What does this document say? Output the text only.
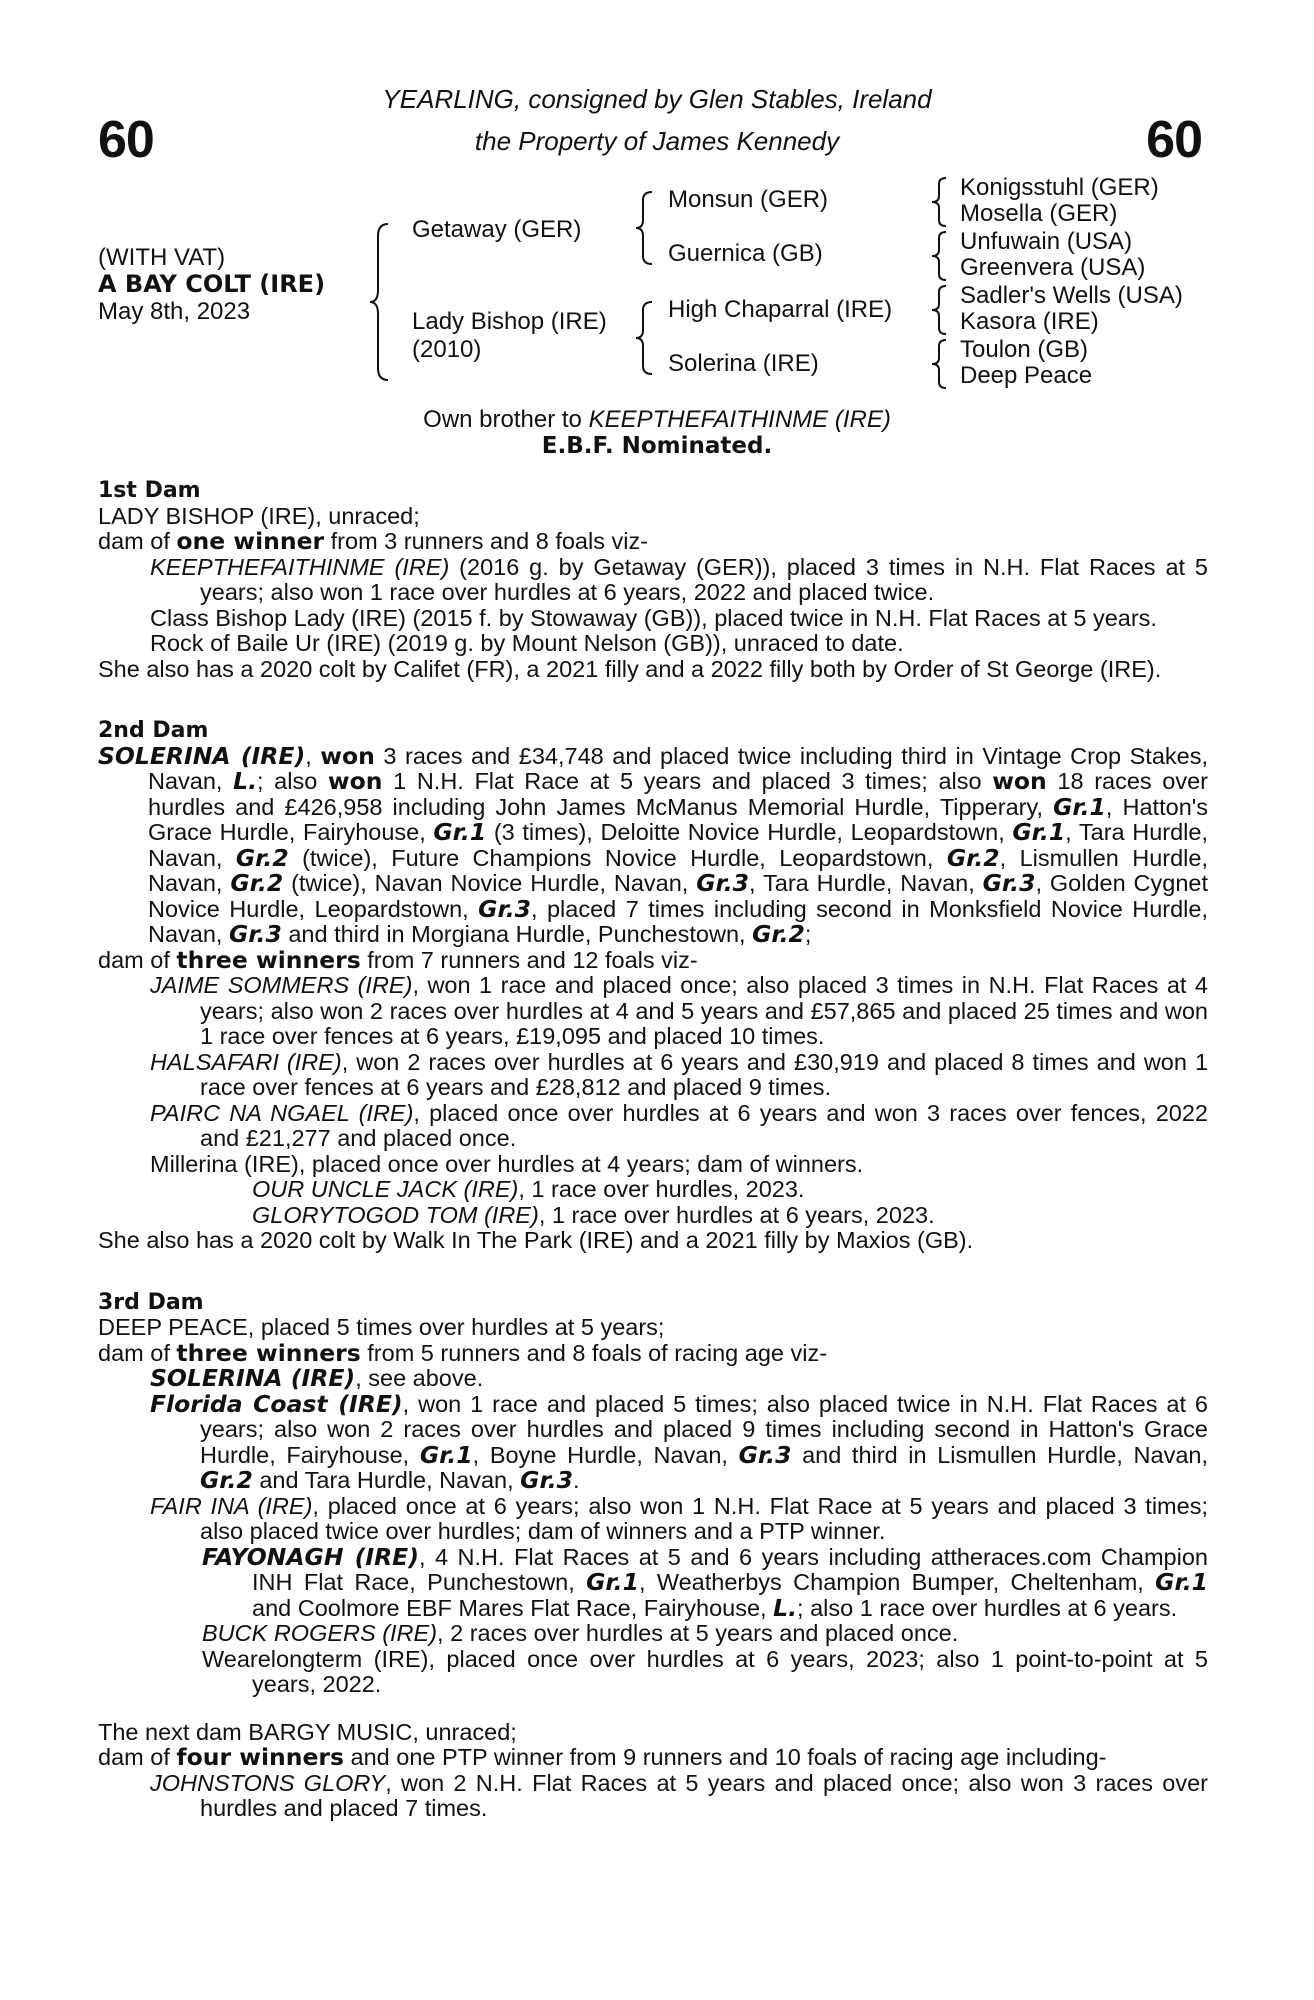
60	60
YEARLING, consigned by Glen Stables, Ireland
the Property of James Kennedy
(WITH VAT)
A BAY COLT (IRE)
May 8th, 2023
Getaway (GER)
Lady Bishop (IRE)
(2010)
Monsun (GER)
Guernica (GB)
High Chaparral (IRE)
Solerina (IRE)
Konigsstuhl (GER)
Mosella (GER)
Unfuwain (USA)
Greenvera (USA)
Sadler's Wells (USA)
Kasora (IRE)
Toulon (GB)
Deep Peace
Own brother to KEEPTHEFAITHINME (IRE)
E.B.F. Nominated.
1st Dam

LADY BISHOP (IRE), unraced;

dam of one winner from 3 runners and 8 foals viz-

KEEPTHEFAITHINME (IRE) (2016 g. by Getaway (GER)), placed 3 times in N.H. Flat Races at 5 years; also won 1 race over hurdles at 6 years, 2022 and placed twice.

Class Bishop Lady (IRE) (2015 f. by Stowaway (GB)), placed twice in N.H. Flat Races at 5 years.

Rock of Baile Ur (IRE) (2019 g. by Mount Nelson (GB)), unraced to date.

She also has a 2020 colt by Califet (FR), a 2021 filly and a 2022 filly both by Order of St George (IRE).

2nd Dam

SOLERINA (IRE), won 3 races and £34,748 and placed twice including third in Vintage Crop Stakes, Navan, L.; also won 1 N.H. Flat Race at 5 years and placed 3 times; also won 18 races over hurdles and £426,958 including John James McManus Memorial Hurdle, Tipperary, Gr.1, Hatton's Grace Hurdle, Fairyhouse, Gr.1 (3 times), Deloitte Novice Hurdle, Leopardstown, Gr.1, Tara Hurdle, Navan, Gr.2 (twice), Future Champions Novice Hurdle, Leopardstown, Gr.2, Lismullen Hurdle, Navan, Gr.2 (twice), Navan Novice Hurdle, Navan, Gr.3, Tara Hurdle, Navan, Gr.3, Golden Cygnet Novice Hurdle, Leopardstown, Gr.3, placed 7 times including second in Monksfield Novice Hurdle, Navan, Gr.3 and third in Morgiana Hurdle, Punchestown, Gr.2;

dam of three winners from 7 runners and 12 foals viz-

JAIME SOMMERS (IRE), won 1 race and placed once; also placed 3 times in N.H. Flat Races at 4 years; also won 2 races over hurdles at 4 and 5 years and £57,865 and placed 25 times and won 1 race over fences at 6 years, £19,095 and placed 10 times.

HALSAFARI (IRE), won 2 races over hurdles at 6 years and £30,919 and placed 8 times and won 1 race over fences at 6 years and £28,812 and placed 9 times.

PAIRC NA NGAEL (IRE), placed once over hurdles at 6 years and won 3 races over fences, 2022 and £21,277 and placed once.

Millerina (IRE), placed once over hurdles at 4 years; dam of winners.

OUR UNCLE JACK (IRE), 1 race over hurdles, 2023.

GLORYTOGOD TOM (IRE), 1 race over hurdles at 6 years, 2023.

She also has a 2020 colt by Walk In The Park (IRE) and a 2021 filly by Maxios (GB).

3rd Dam

DEEP PEACE, placed 5 times over hurdles at 5 years;

dam of three winners from 5 runners and 8 foals of racing age viz-

SOLERINA (IRE), see above.

Florida Coast (IRE), won 1 race and placed 5 times; also placed twice in N.H. Flat Races at 6 years; also won 2 races over hurdles and placed 9 times including second in Hatton's Grace Hurdle, Fairyhouse, Gr.1, Boyne Hurdle, Navan, Gr.3 and third in Lismullen Hurdle, Navan, Gr.2 and Tara Hurdle, Navan, Gr.3.

FAIR INA (IRE), placed once at 6 years; also won 1 N.H. Flat Race at 5 years and placed 3 times; also placed twice over hurdles; dam of winners and a PTP winner.

FAYONAGH (IRE), 4 N.H. Flat Races at 5 and 6 years including attheraces.com Champion INH Flat Race, Punchestown, Gr.1, Weatherbys Champion Bumper, Cheltenham, Gr.1 and Coolmore EBF Mares Flat Race, Fairyhouse, L.; also 1 race over hurdles at 6 years.

BUCK ROGERS (IRE), 2 races over hurdles at 5 years and placed once.

Wearelongterm (IRE), placed once over hurdles at 6 years, 2023; also 1 point-to-point at 5 years, 2022.

The next dam BARGY MUSIC, unraced;

dam of four winners and one PTP winner from 9 runners and 10 foals of racing age including-

JOHNSTONS GLORY, won 2 N.H. Flat Races at 5 years and placed once; also won 3 races over hurdles and placed 7 times.
